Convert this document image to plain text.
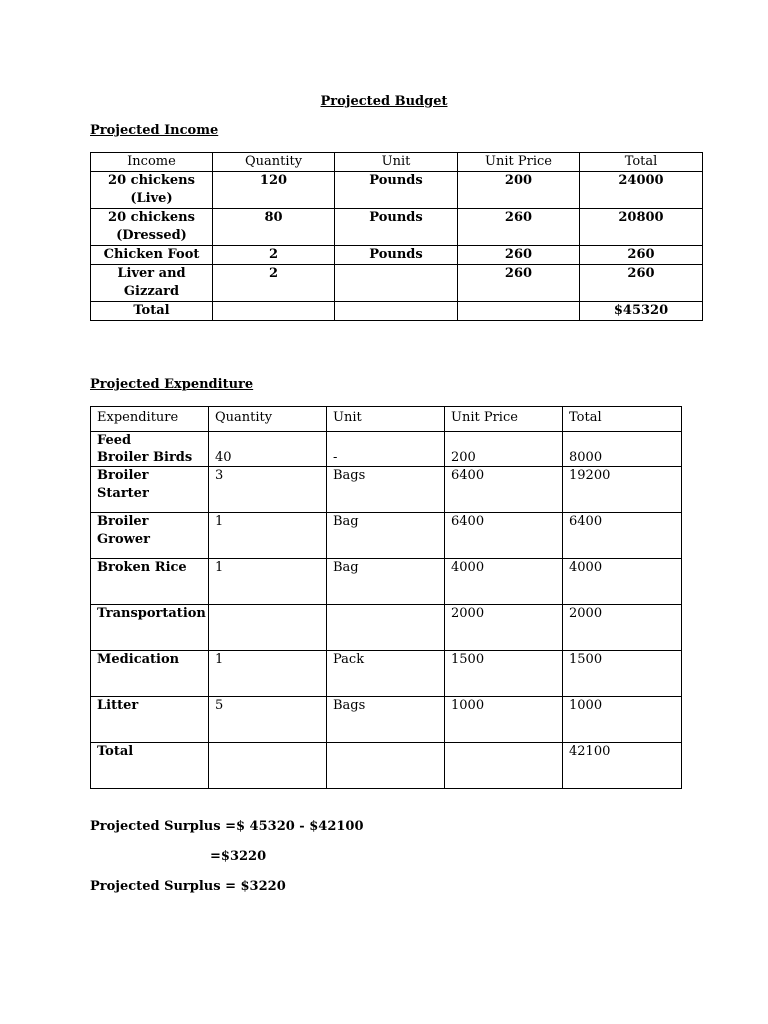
Projected Budget
Projected Income
Income	Quantity	Unit	Unit Price	Total
20 chickens (Live)	120	Pounds	200	24000
20 chickens (Dressed)	80	Pounds	260	20800
Chicken Foot	2	Pounds	260	260
Liver and Gizzard	2		260	260
Total				$45320
Projected Expenditure
Expenditure	Quantity	Unit	Unit Price	Total

Feed
Broiler Birds	40	-	200	8000
Broiler Starter	3	Bags	6400	19200
Broiler Grower	1	Bag	6400	6400
Broken Rice	1	Bag	4000	4000
Transportation			2000	2000
Medication	1	Pack	1500	1500
Litter	5	Bags	1000	1000
Total				42100
Projected Surplus =$ 45320 - $42100
=$3220
Projected Surplus = $3220
